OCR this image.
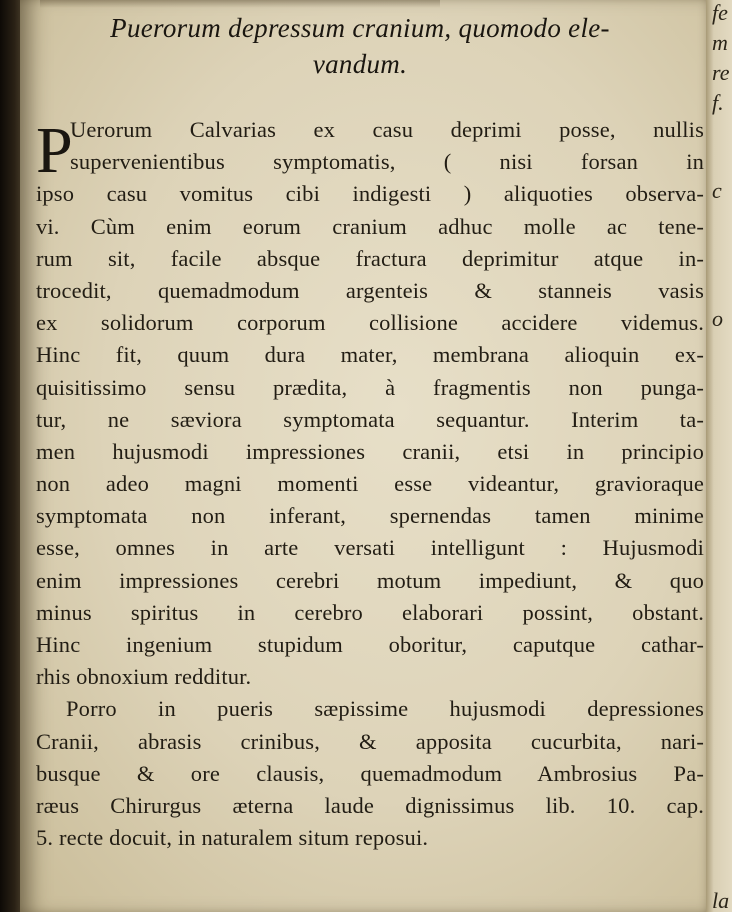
fe
m
re
f.
c
o
la
Puerorum depressum cranium, quomodo ele-
vandum.
P
Uerorum Calvarias ex casu deprimi posse, nullis
supervenientibus symptomatis, ( nisi forsan in
ipso casu vomitus cibi indigesti ) aliquoties observa-
vi. Cùm enim eorum cranium adhuc molle ac tene-
rum sit, facile absque fractura deprimitur atque in-
trocedit, quemadmodum argenteis & stanneis vasis
ex solidorum corporum collisione accidere videmus.
Hinc fit, quum dura mater, membrana alioquin ex-
quisitissimo sensu prædita, à fragmentis non punga-
tur, ne sæviora symptomata sequantur. Interim ta-
men hujusmodi impressiones cranii, etsi in principio
non adeo magni momenti esse videantur, gravioraque
symptomata non inferant, spernendas tamen minime
esse, omnes in arte versati intelligunt : Hujusmodi
enim impressiones cerebri motum impediunt, & quo
minus spiritus in cerebro elaborari possint, obstant.
Hinc ingenium stupidum oboritur, caputque cathar-
rhis obnoxium redditur.
Porro in pueris sæpissime hujusmodi depressiones
Cranii, abrasis crinibus, & apposita cucurbita, nari-
busque & ore clausis, quemadmodum Ambrosius Pa-
ræus Chirurgus æterna laude dignissimus lib. 10. cap.
5. recte docuit, in naturalem situm reposui.
